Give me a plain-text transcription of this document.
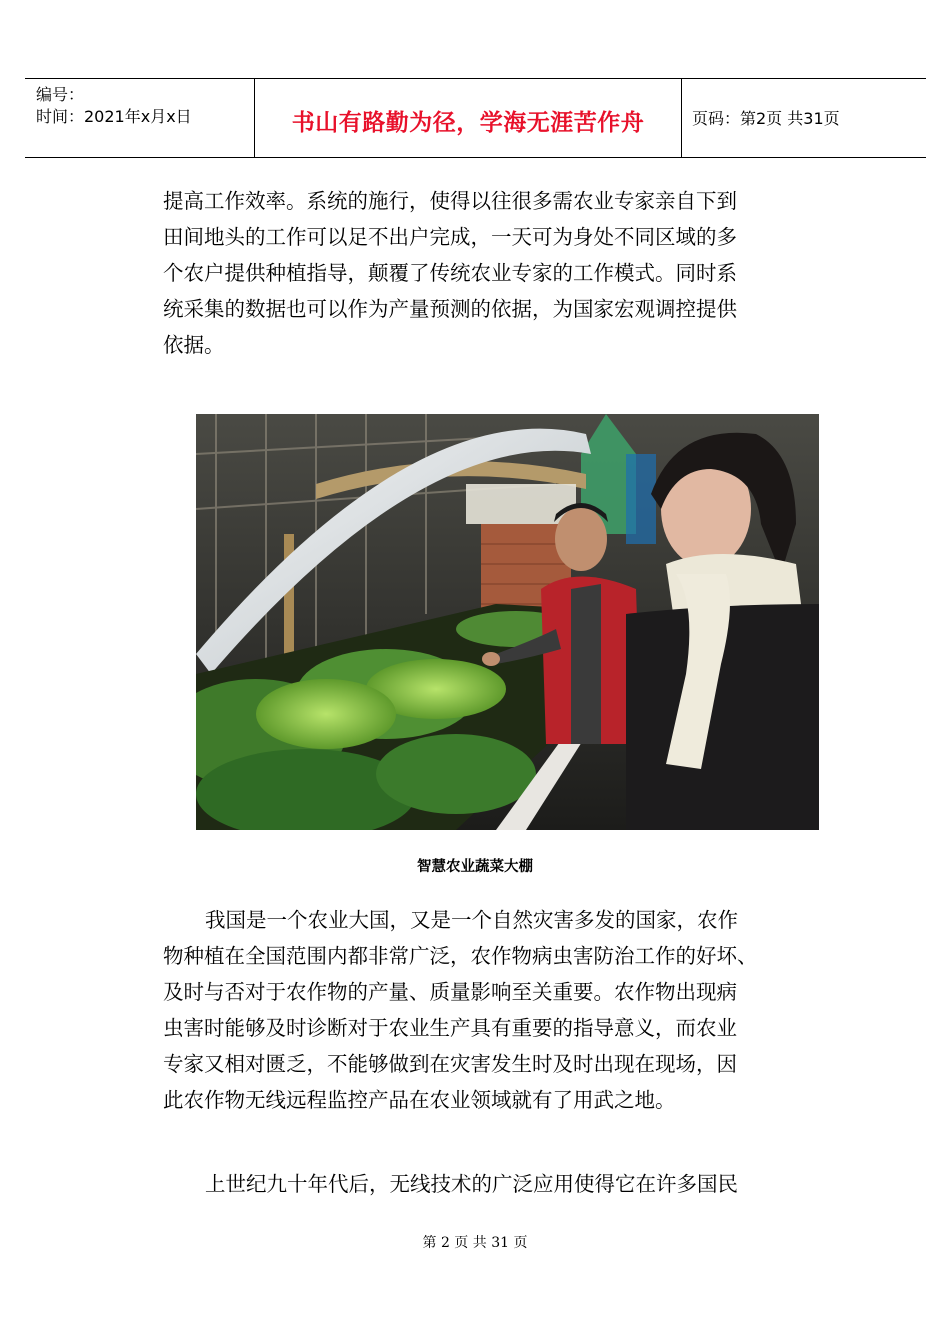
编号：
时间：2021年x月x日	书山有路勤为径，学海无涯苦作舟	页码：第2页 共31页
提高工作效率。系统的施行，使得以往很多需农业专家亲自下到
田间地头的工作可以足不出户完成，一天可为身处不同区域的多
个农户提供种植指导，颠覆了传统农业专家的工作模式。同时系
统采集的数据也可以作为产量预测的依据，为国家宏观调控提供
依据。
智慧农业蔬菜大棚
我国是一个农业大国，又是一个自然灾害多发的国家，农作
物种植在全国范围内都非常广泛，农作物病虫害防治工作的好坏、
及时与否对于农作物的产量、质量影响至关重要。农作物出现病
虫害时能够及时诊断对于农业生产具有重要的指导意义，而农业
专家又相对匮乏，不能够做到在灾害发生时及时出现在现场，因
此农作物无线远程监控产品在农业领域就有了用武之地。
上世纪九十年代后，无线技术的广泛应用使得它在许多国民
第 2 页 共 31 页
